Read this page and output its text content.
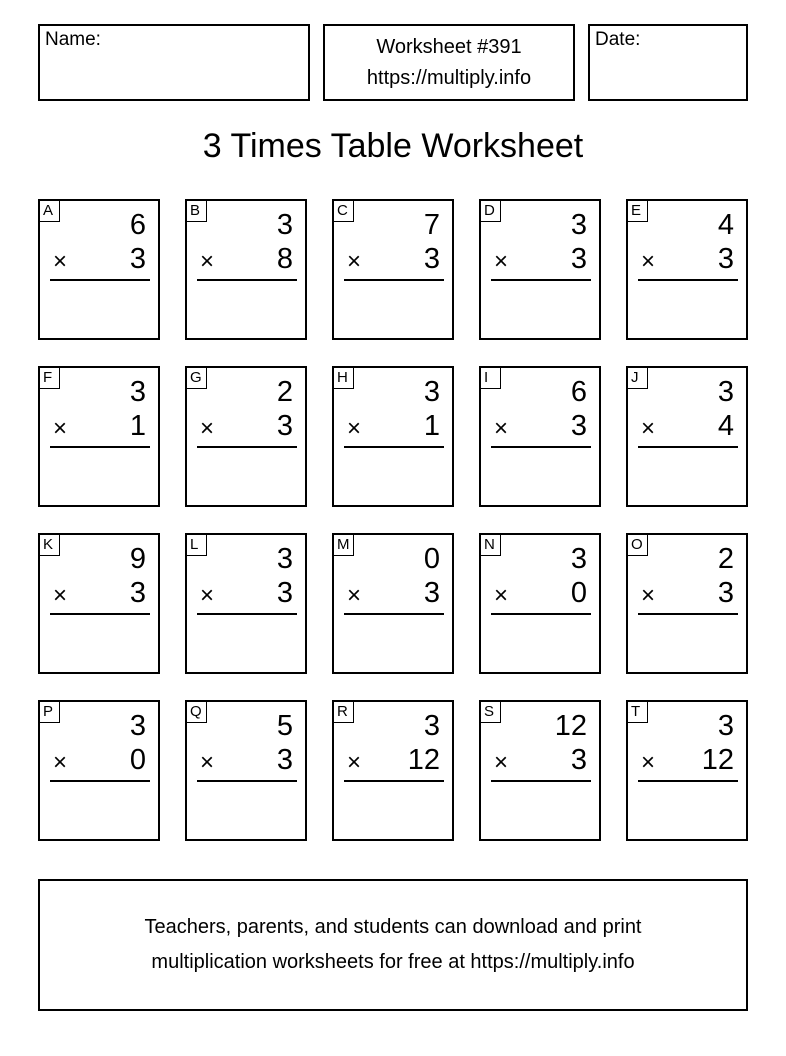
Name:	Worksheet #391
https://multiply.info
Date:
3 Times Table Worksheet
A	6
× 3
B	3
× 8
C	7
× 3
D	3
× 3
E	4
× 3
F	3
× 1
G	2
× 3
H	3
× 1
I	6
× 3
J	3
× 4
K	9
× 3
L	3
× 3
M	0
× 3
N	3
× 0
O	2
× 3
P	3
× 0
Q	5
× 3
R	3
× 12
S 12
× 3
T	3
× 12
Teachers, parents, and students can download and print
multiplication worksheets for free at https://multiply.info
